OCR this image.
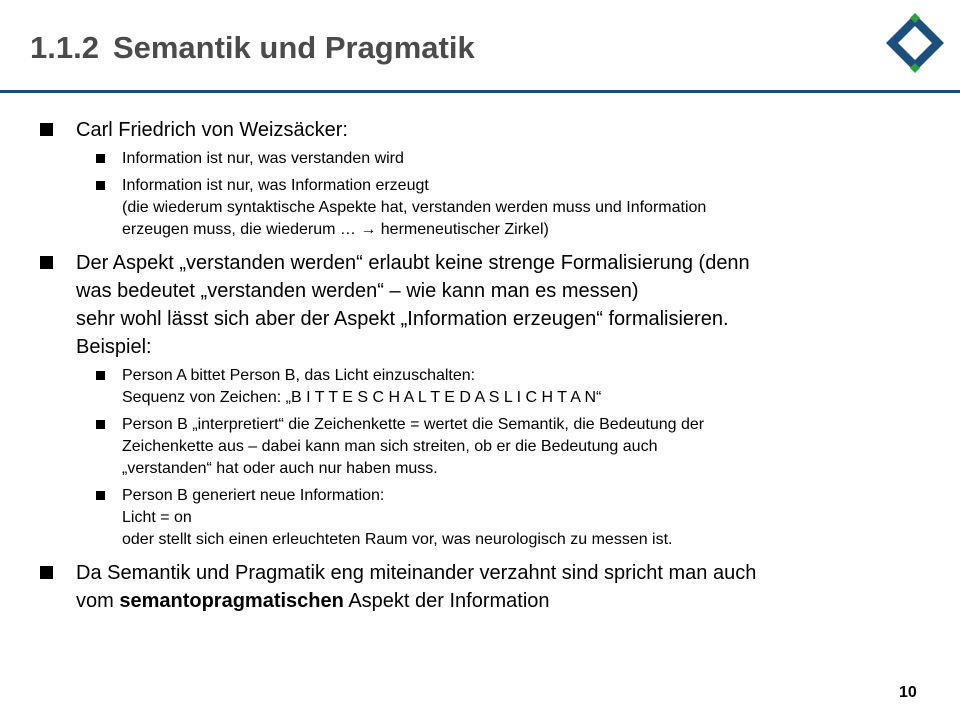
1.1.2 Semantik und Pragmatik
Carl Friedrich von Weizsäcker:
Information ist nur, was verstanden wird
Information ist nur, was Information erzeugt
(die wiederum syntaktische Aspekte hat, verstanden werden muss und Information
erzeugen muss, die wiederum … → hermeneutischer Zirkel)
Der Aspekt „verstanden werden“ erlaubt keine strenge Formalisierung (denn
was bedeutet „verstanden werden“ – wie kann man es messen)
sehr wohl lässt sich aber der Aspekt „Information erzeugen“ formalisieren.
Beispiel:
Person A bittet Person B, das Licht einzuschalten:
Sequenz von Zeichen: „B I T T E S C H A L T E D A S L I C H T A N“
Person B „interpretiert“ die Zeichenkette = wertet die Semantik, die Bedeutung der
Zeichenkette aus – dabei kann man sich streiten, ob er die Bedeutung auch
„verstanden“ hat oder auch nur haben muss.
Person B generiert neue Information:
Licht = on
oder stellt sich einen erleuchteten Raum vor, was neurologisch zu messen ist.
Da Semantik und Pragmatik eng miteinander verzahnt sind spricht man auch
vom semantopragmatischen Aspekt der Information
10
